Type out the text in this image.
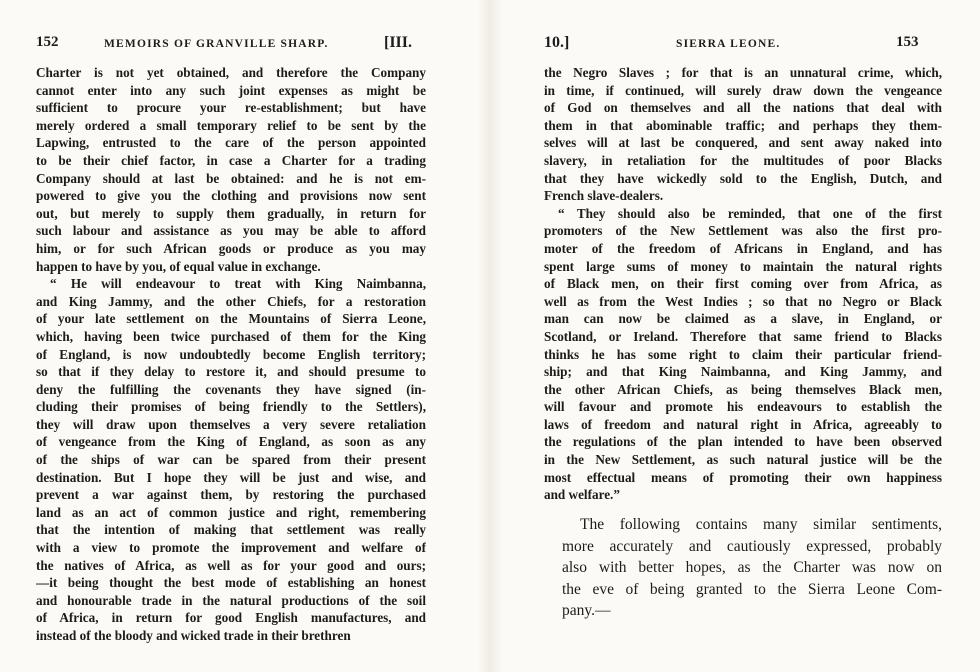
152	MEMOIRS OF GRANVILLE SHARP.	[III.
Charter is not yet obtained, and therefore the Company
cannot enter into any such joint expenses as might be
sufficient to procure your re-establishment; but have
merely ordered a small temporary relief to be sent by the
Lapwing, entrusted to the care of the person appointed
to be their chief factor, in case a Charter for a trading
Company should at last be obtained: and he is not em-
powered to give you the clothing and provisions now sent
out, but merely to supply them gradually, in return for
such labour and assistance as you may be able to afford
him, or for such African goods or produce as you may
happen to have by you, of equal value in exchange.
“ He will endeavour to treat with King Naimbanna,
and King Jammy, and the other Chiefs, for a restoration
of your late settlement on the Mountains of Sierra Leone,
which, having been twice purchased of them for the King
of England, is now undoubtedly become English territory;
so that if they delay to restore it, and should presume to
deny the fulfilling the covenants they have signed (in-
cluding their promises of being friendly to the Settlers),
they will draw upon themselves a very severe retaliation
of vengeance from the King of England, as soon as any
of the ships of war can be spared from their present
destination. But I hope they will be just and wise, and
prevent a war against them, by restoring the purchased
land as an act of common justice and right, remembering
that the intention of making that settlement was really
with a view to promote the improvement and welfare of
the natives of Africa, as well as for your good and ours;
—it being thought the best mode of establishing an honest
and honourable trade in the natural productions of the soil
of Africa, in return for good English manufactures, and
instead of the bloody and wicked trade in their brethren
10.]	SIERRA LEONE.	153
the Negro Slaves ; for that is an unnatural crime, which,
in time, if continued, will surely draw down the vengeance
of God on themselves and all the nations that deal with
them in that abominable traffic; and perhaps they them-
selves will at last be conquered, and sent away naked into
slavery, in retaliation for the multitudes of poor Blacks
that they have wickedly sold to the English, Dutch, and
French slave-dealers.
“ They should also be reminded, that one of the first
promoters of the New Settlement was also the first pro-
moter of the freedom of Africans in England, and has
spent large sums of money to maintain the natural rights
of Black men, on their first coming over from Africa, as
well as from the West Indies ; so that no Negro or Black
man can now be claimed as a slave, in England, or
Scotland, or Ireland. Therefore that same friend to Blacks
thinks he has some right to claim their particular friend-
ship; and that King Naimbanna, and King Jammy, and
the other African Chiefs, as being themselves Black men,
will favour and promote his endeavours to establish the
laws of freedom and natural right in Africa, agreeably to
the regulations of the plan intended to have been observed
in the New Settlement, as such natural justice will be the
most effectual means of promoting their own happiness
and welfare.”
The following contains many similar sentiments,
more accurately and cautiously expressed, probably
also with better hopes, as the Charter was now on
the eve of being granted to the Sierra Leone Com-
pany.—
